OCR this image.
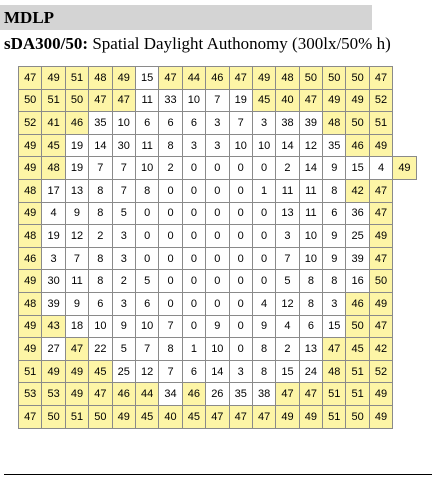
MDLP
sDA300/50: Spatial Daylight Authonomy (300lx/50% h)
47	49	51	48	49	15	47	44	46	47	49	48	50	50	50	47	
50	51	50	47	47	11	33	10	7	19	45	40	47	49	49	52	
52	41	46	35	10	6	6	6	3	7	3	38	39	48	50	51	
49	45	19	14	30	11	8	3	3	10	10	14	12	35	46	49	
49	48	19	7	7	10	2	0	0	0	0	2	14	9	15	4	49
48	17	13	8	7	8	0	0	0	0	1	11	11	8	42	47	
49	4	9	8	5	0	0	0	0	0	0	13	11	6	36	47	
48	19	12	2	3	0	0	0	0	0	0	3	10	9	25	49	
46	3	7	8	3	0	0	0	0	0	0	7	10	9	39	47	
49	30	11	8	2	5	0	0	0	0	0	5	8	8	16	50	
48	39	9	6	3	6	0	0	0	0	4	12	8	3	46	49	
49	43	18	10	9	10	7	0	9	0	9	4	6	15	50	47	
49	27	47	22	5	7	8	1	10	0	8	2	13	47	45	42	
51	49	49	45	25	12	7	6	14	3	8	15	24	48	51	52	
53	53	49	47	46	44	34	46	26	35	38	47	47	51	51	49	
47	50	51	50	49	45	40	45	47	47	47	49	49	51	50	49	
